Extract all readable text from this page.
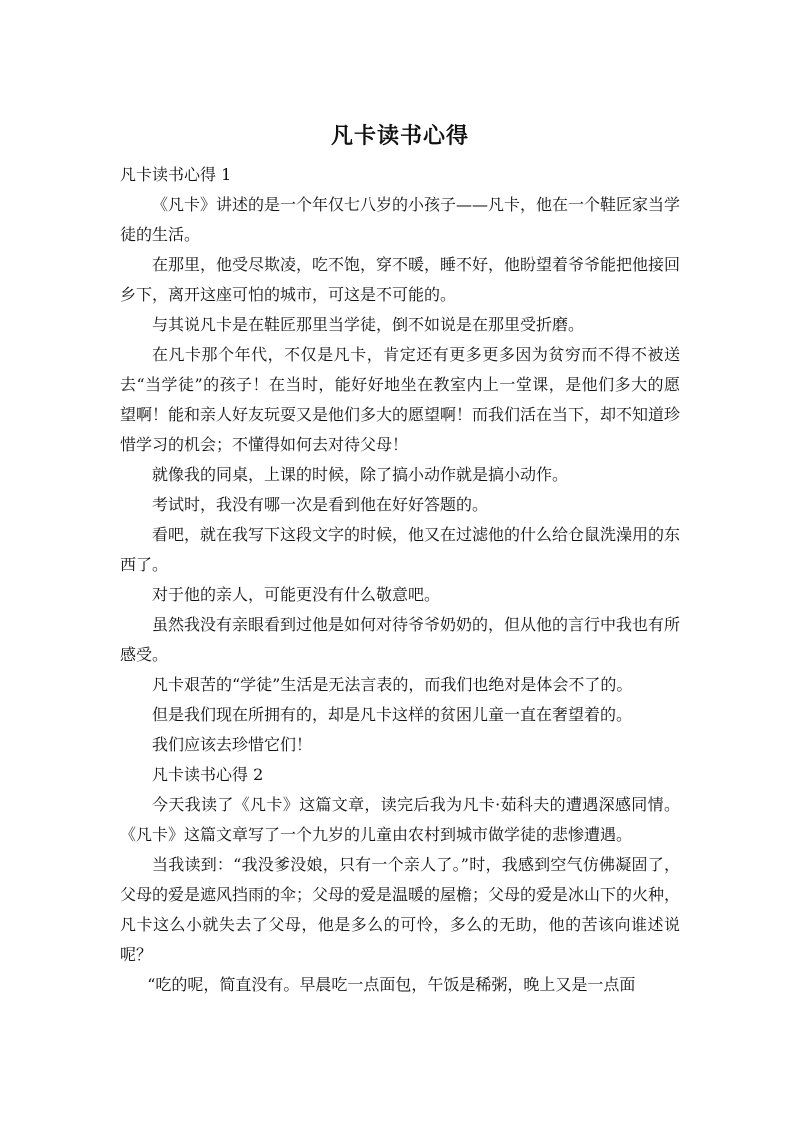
凡卡读书心得

凡卡读书心得 1

《凡卡》讲述的是一个年仅七八岁的小孩子——凡卡，他在一个鞋匠家当学徒的生活。

在那里，他受尽欺凌，吃不饱，穿不暖，睡不好，他盼望着爷爷能把他接回乡下，离开这座可怕的城市，可这是不可能的。

与其说凡卡是在鞋匠那里当学徒，倒不如说是在那里受折磨。

在凡卡那个年代，不仅是凡卡，肯定还有更多更多因为贫穷而不得不被送去“当学徒”的孩子！在当时，能好好地坐在教室内上一堂课，是他们多大的愿望啊！能和亲人好友玩耍又是他们多大的愿望啊！而我们活在当下，却不知道珍惜学习的机会；不懂得如何去对待父母！

就像我的同桌，上课的时候，除了搞小动作就是搞小动作。

考试时，我没有哪一次是看到他在好好答题的。

看吧，就在我写下这段文字的时候，他又在过滤他的什么给仓鼠洗澡用的东西了。

对于他的亲人，可能更没有什么敬意吧。

虽然我没有亲眼看到过他是如何对待爷爷奶奶的，但从他的言行中我也有所感受。

凡卡艰苦的“学徒”生活是无法言表的，而我们也绝对是体会不了的。

但是我们现在所拥有的，却是凡卡这样的贫困儿童一直在奢望着的。

我们应该去珍惜它们！

凡卡读书心得 2

今天我读了《凡卡》这篇文章，读完后我为凡卡·茹科夫的遭遇深感同情。《凡卡》这篇文章写了一个九岁的儿童由农村到城市做学徒的悲惨遭遇。

当我读到：“我没爹没娘，只有一个亲人了。”时，我感到空气仿佛凝固了，父母的爱是遮风挡雨的伞；父母的爱是温暖的屋檐；父母的爱是冰山下的火种，凡卡这么小就失去了父母，他是多么的可怜，多么的无助，他的苦该向谁述说呢？

“吃的呢，简直没有。早晨吃一点面包，午饭是稀粥，晚上又是一点面
